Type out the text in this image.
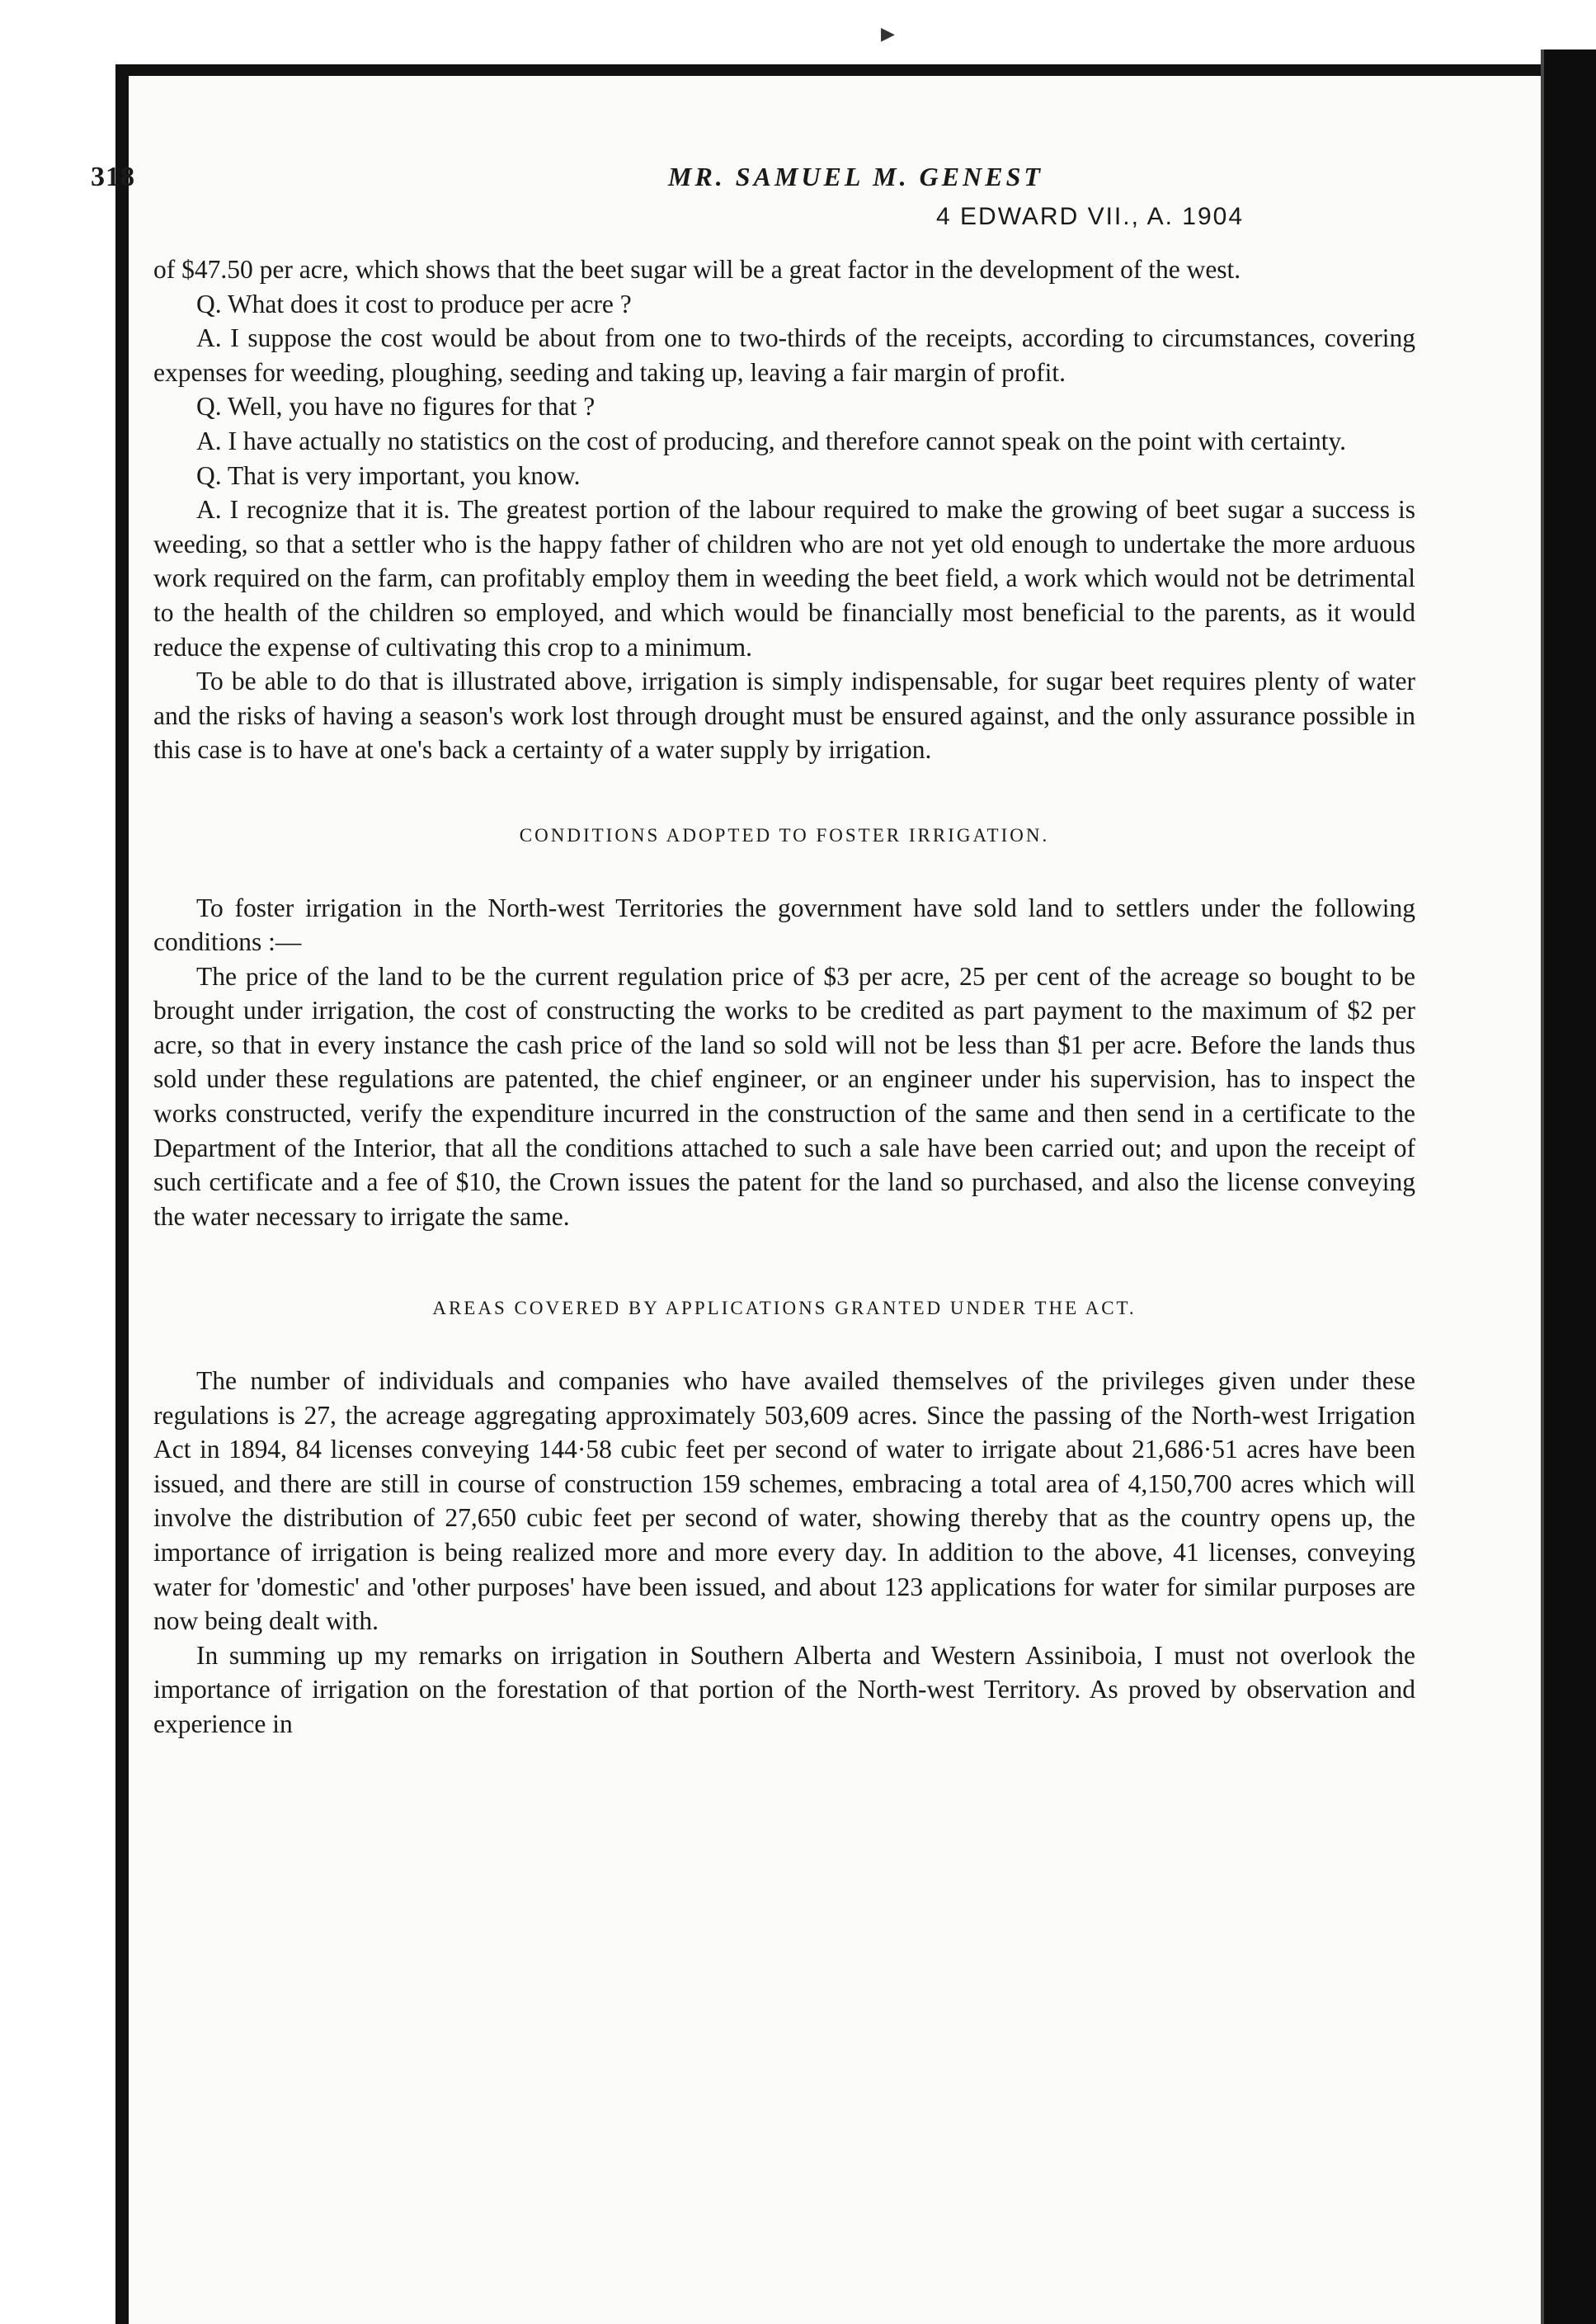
318	MR. SAMUEL M. GENEST
4 EDWARD VII., A. 1904

of $47.50 per acre, which shows that the beet sugar will be a great factor in the development of the west.

Q. What does it cost to produce per acre ?

A. I suppose the cost would be about from one to two-thirds of the receipts, according to circumstances, covering expenses for weeding, ploughing, seeding and taking up, leaving a fair margin of profit.

Q. Well, you have no figures for that ?

A. I have actually no statistics on the cost of producing, and therefore cannot speak on the point with certainty.

Q. That is very important, you know.

A. I recognize that it is. The greatest portion of the labour required to make the growing of beet sugar a success is weeding, so that a settler who is the happy father of children who are not yet old enough to undertake the more arduous work required on the farm, can profitably employ them in weeding the beet field, a work which would not be detrimental to the health of the children so employed, and which would be financially most beneficial to the parents, as it would reduce the expense of cultivating this crop to a minimum.

To be able to do that is illustrated above, irrigation is simply indispensable, for sugar beet requires plenty of water and the risks of having a season's work lost through drought must be ensured against, and the only assurance possible in this case is to have at one's back a certainty of a water supply by irrigation.

CONDITIONS ADOPTED TO FOSTER IRRIGATION.

To foster irrigation in the North-west Territories the government have sold land to settlers under the following conditions :—

The price of the land to be the current regulation price of $3 per acre, 25 per cent of the acreage so bought to be brought under irrigation, the cost of constructing the works to be credited as part payment to the maximum of $2 per acre, so that in every instance the cash price of the land so sold will not be less than $1 per acre. Before the lands thus sold under these regulations are patented, the chief engineer, or an engineer under his supervision, has to inspect the works constructed, verify the expenditure incurred in the construction of the same and then send in a certificate to the Department of the Interior, that all the conditions attached to such a sale have been carried out; and upon the receipt of such certificate and a fee of $10, the Crown issues the patent for the land so purchased, and also the license conveying the water necessary to irrigate the same.

AREAS COVERED BY APPLICATIONS GRANTED UNDER THE ACT.

The number of individuals and companies who have availed themselves of the privileges given under these regulations is 27, the acreage aggregating approximately 503,609 acres. Since the passing of the North-west Irrigation Act in 1894, 84 licenses conveying 144·58 cubic feet per second of water to irrigate about 21,686·51 acres have been issued, and there are still in course of construction 159 schemes, embracing a total area of 4,150,700 acres which will involve the distribution of 27,650 cubic feet per second of water, showing thereby that as the country opens up, the importance of irrigation is being realized more and more every day. In addition to the above, 41 licenses, conveying water for 'domestic' and 'other purposes' have been issued, and about 123 applications for water for similar purposes are now being dealt with.

In summing up my remarks on irrigation in Southern Alberta and Western Assiniboia, I must not overlook the importance of irrigation on the forestation of that portion of the North-west Territory. As proved by observation and experience in

▶
